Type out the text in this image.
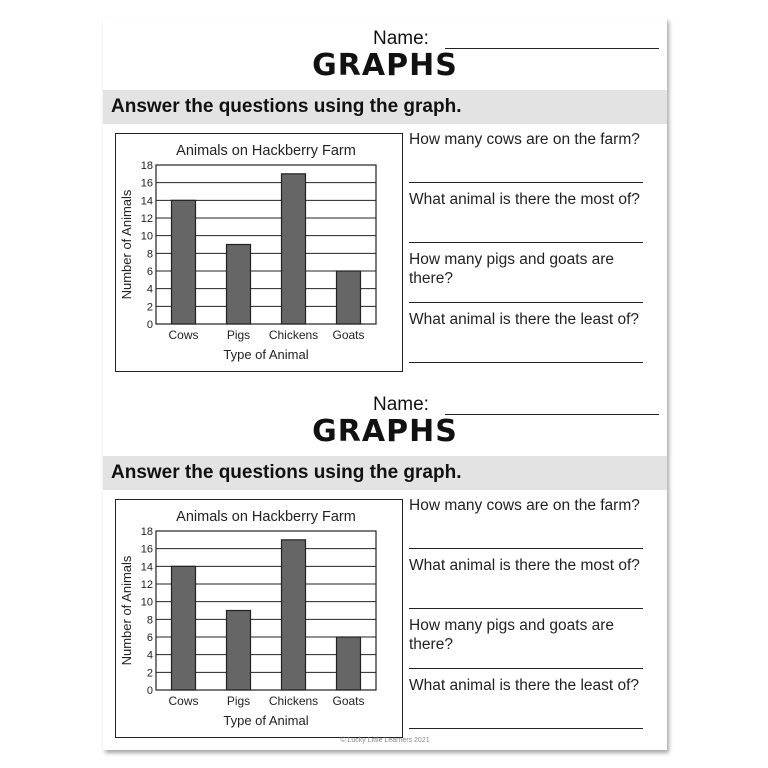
Name:
GRAPHS
Answer the questions using the graph.
Animals on Hackberry Farm
0
2
4
6
8
10
12
14
16
18
Cows Pigs Chickens Goats
Type of Animal
Number of Animals
How many cows are on the farm?
What animal is there the most of?
How many pigs and goats are there?
What animal is there the least of?
Name:
GRAPHS
Answer the questions using the graph.
Animals on Hackberry Farm
0
2
4
6
8
10
12
14
16
18
Cows Pigs Chickens Goats
Type of Animal
Number of Animals
How many cows are on the farm?
What animal is there the most of?
How many pigs and goats are there?
What animal is there the least of?
© Lucky Little Learners 2021
